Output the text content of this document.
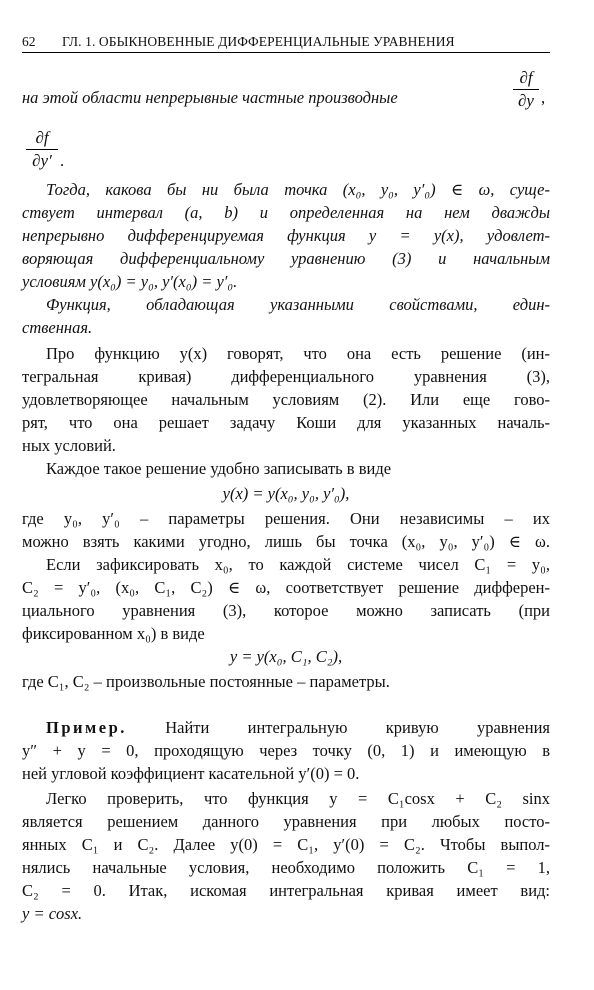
62 ГЛ. 1. ОБЫКНОВЕННЫЕ ДИФФЕРЕНЦИАЛЬНЫЕ УРАВНЕНИЯ
на этой области непрерывные частные производные
∂f
∂y ,
∂f
∂y′ .
Тогда, какова бы ни была точка (x₀, y₀, y′₀) ∈ ω, суще-
ствует интервал (a, b) и определенная на нем дважды
непрерывно дифференцируемая функция y = y(x), удовлет-
воряющая дифференциальному уравнению (3) и начальным
условиям y(x₀) = y₀, y′(x₀) = y′₀.
Функция, обладающая указанными свойствами, един-
ственная.
Про функцию y(x) говорят, что она есть решение (ин-
тегральная кривая) дифференциального уравнения (3),
удовлетворяющее начальным условиям (2). Или еще гово-
рят, что она решает задачу Коши для указанных началь-
ных условий.
Каждое такое решение удобно записывать в виде
y(x) = y(x₀, y₀, y′₀),
где y₀, y′₀ – параметры решения. Они независимы – их
можно взять какими угодно, лишь бы точка (x₀, y₀, y′₀) ∈ ω.
Если зафиксировать x₀, то каждой системе чисел C₁ = y₀,
C₂ = y′₀, (x₀, C₁, C₂) ∈ ω, соответствует решение дифферен-
циального уравнения (3), которое можно записать (при
фиксированном x₀) в виде
y = y(x₀, C₁, C₂),
где C₁, C₂ – произвольные постоянные – параметры.
Пример. Найти интегральную кривую уравнения
y″ + y = 0, проходящую через точку (0, 1) и имеющую в
ней угловой коэффициент касательной y′(0) = 0.
Легко проверить, что функция y = C₁cosx + C₂ sinx
является решением данного уравнения при любых посто-
янных C₁ и C₂. Далее y(0) = C₁, y′(0) = C₂. Чтобы выпол-
нялись начальные условия, необходимо положить C₁ = 1,
C₂ = 0. Итак, искомая интегральная кривая имеет вид:
y = cosx.
